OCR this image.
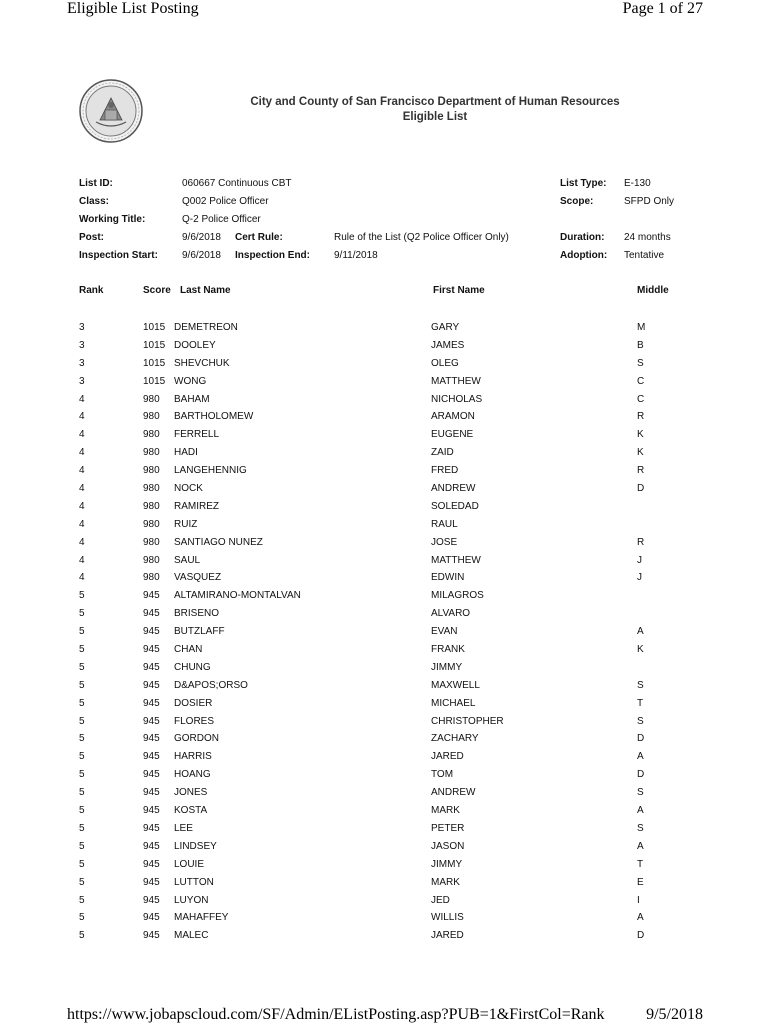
Eligible List Posting	Page 1 of 27
https://www.jobapscloud.com/SF/Admin/EListPosting.asp?PUB=1&FirstCol=Rank	9/5/2018
City and County of San Francisco Department of Human Resources
Eligible List
List ID:	060667 Continuous CBT	List Type: E-130
Class:	Q002 Police Officer	Scope:	SFPD Only
Working Title:	Q-2 Police Officer
Post:	9/6/2018 Cert Rule:	Rule of the List (Q2 Police Officer Only)	Duration: 24 months
Inspection Start: 9/6/2018 Inspection End: 9/11/2018	Adoption: Tentative
Rank	Score Last Name	First Name	Middle
3	1015 DEMETREON	GARY	M
3	1015 DOOLEY	JAMES	B
3	1015 SHEVCHUK	OLEG	S
3	1015 WONG	MATTHEW	C
4	980 BAHAM	NICHOLAS	C
4	980 BARTHOLOMEW	ARAMON	R
4	980 FERRELL	EUGENE	K
4	980 HADI	ZAID	K
4	980 LANGEHENNIG	FRED	R
4	980 NOCK	ANDREW	D
4	980 RAMIREZ	SOLEDAD
4	980 RUIZ	RAUL
4	980 SANTIAGO NUNEZ	JOSE	R
4	980 SAUL	MATTHEW	J
4	980 VASQUEZ	EDWIN	J
5	945 ALTAMIRANO-MONTALVAN	MILAGROS
5	945 BRISENO	ALVARO
5	945 BUTZLAFF	EVAN	A
5	945 CHAN	FRANK	K
5	945 CHUNG	JIMMY
5	945 D&APOS;ORSO	MAXWELL	S
5	945 DOSIER	MICHAEL	T
5	945 FLORES	CHRISTOPHER	S
5	945 GORDON	ZACHARY	D
5	945 HARRIS	JARED	A
5	945 HOANG	TOM	D
5	945 JONES	ANDREW	S
5	945 KOSTA	MARK	A
5	945 LEE	PETER	S
5	945 LINDSEY	JASON	A
5	945 LOUIE	JIMMY	T
5	945 LUTTON	MARK	E
5	945 LUYON	JED	I
5	945 MAHAFFEY	WILLIS	A
5	945 MALEC	JARED	D
